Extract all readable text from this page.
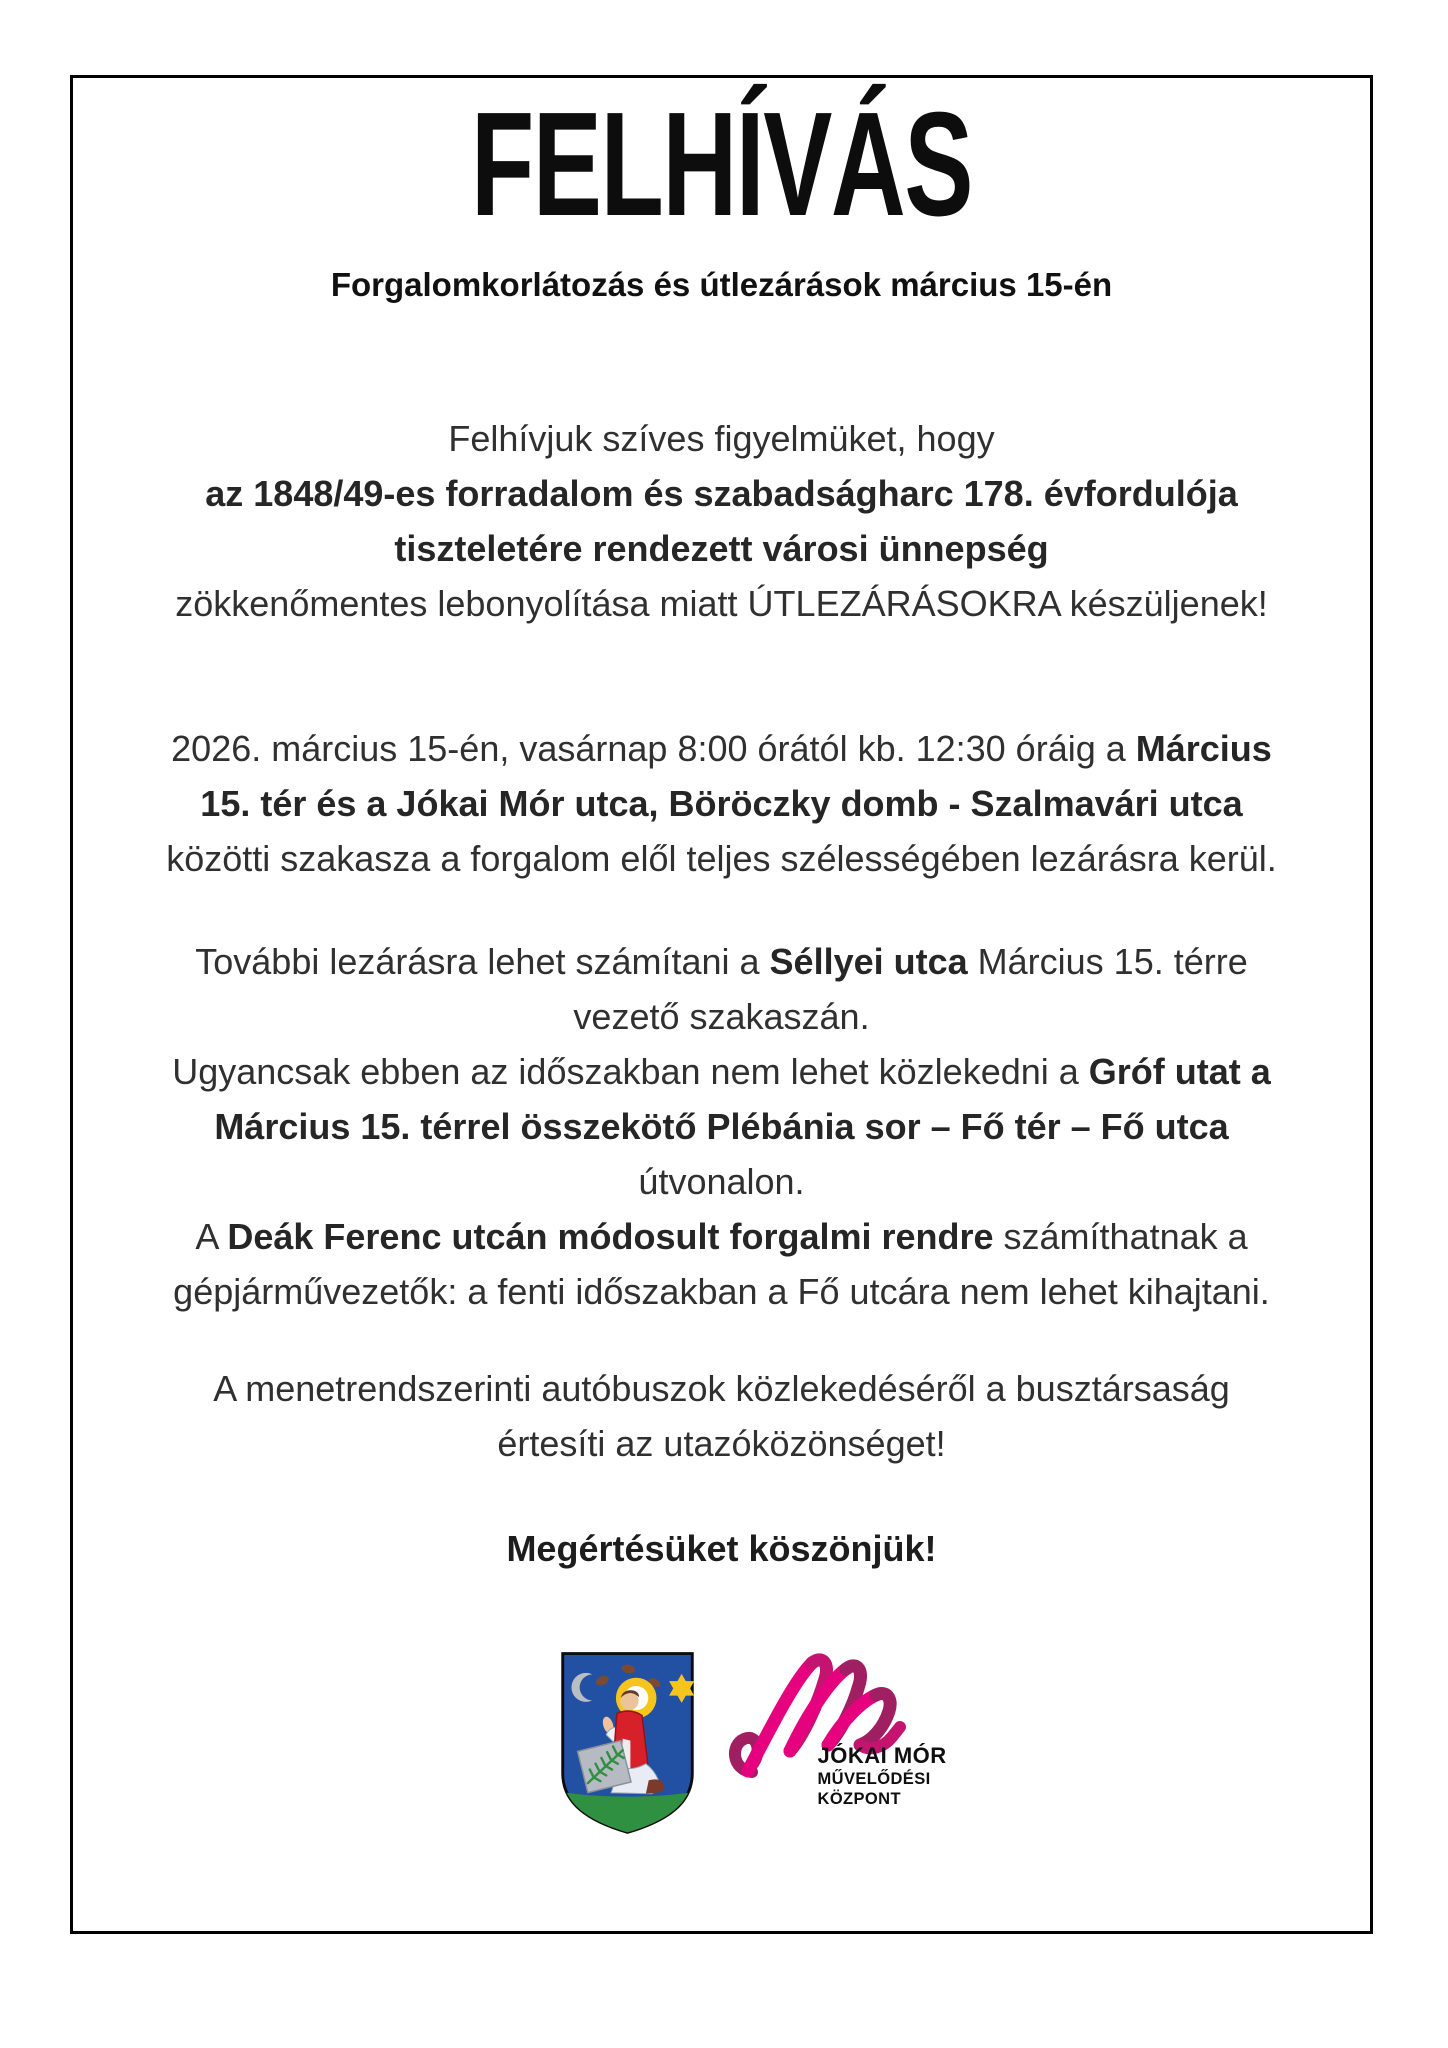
FELHÍVÁS
Forgalomkorlátozás és útlezárások március 15-én
Felhívjuk szíves figyelmüket, hogy
az 1848/49-es forradalom és szabadságharc 178. évfordulója
tiszteletére rendezett városi ünnepség
zökkenőmentes lebonyolítása miatt ÚTLEZÁRÁSOKRA készüljenek!
2026. március 15-én, vasárnap 8:00 órától kb. 12:30 óráig a Március
15. tér és a Jókai Mór utca, Böröczky domb - Szalmavári utca
közötti szakasza a forgalom elől teljes szélességében lezárásra kerül.
További lezárásra lehet számítani a Séllyei utca Március 15. térre
vezető szakaszán.
Ugyancsak ebben az időszakban nem lehet közlekedni a Gróf utat a
Március 15. térrel összekötő Plébánia sor – Fő tér – Fő utca
útvonalon.
A Deák Ferenc utcán módosult forgalmi rendre számíthatnak a
gépjárművezetők: a fenti időszakban a Fő utcára nem lehet kihajtani.
A menetrendszerinti autóbuszok közlekedéséről a busztársaság
értesíti az utazóközönséget!
Megértésüket köszönjük!
JÓKAI MÓR
MŰVELŐDÉSI
KÖZPONT
